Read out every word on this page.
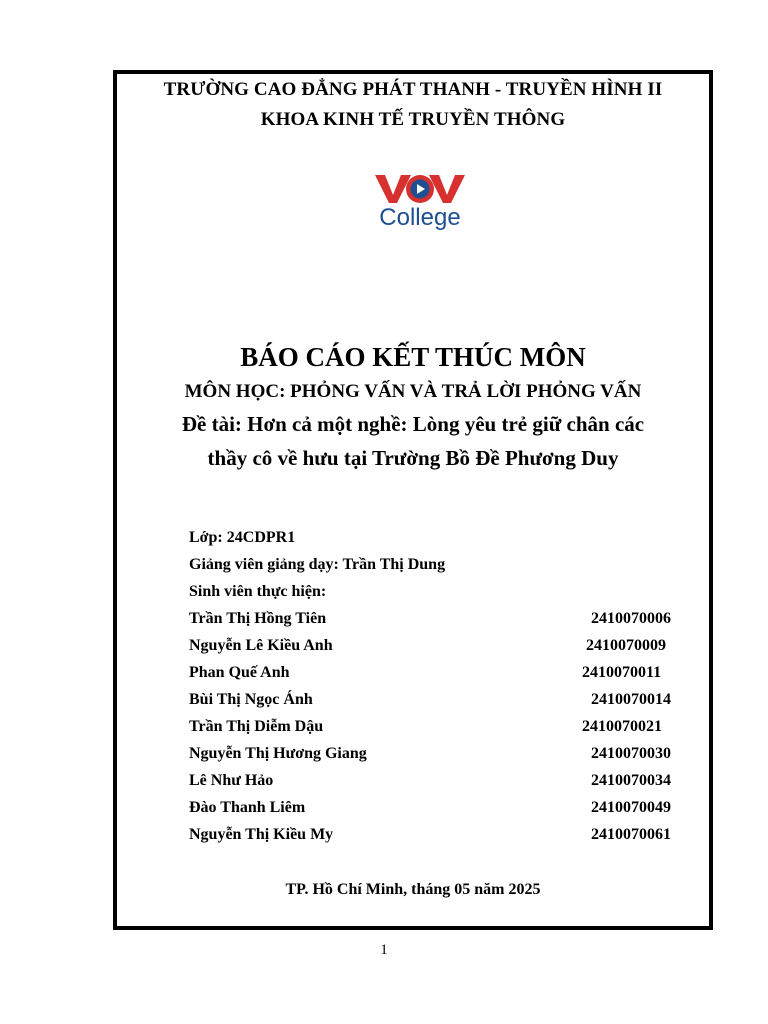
TRƯỜNG CAO ĐẲNG PHÁT THANH - TRUYỀN HÌNH II
KHOA KINH TẾ TRUYỀN THÔNG
College
BÁO CÁO KẾT THÚC MÔN
MÔN HỌC: PHỎNG VẤN VÀ TRẢ LỜI PHỎNG VẤN
Đề tài: Hơn cả một nghề: Lòng yêu trẻ giữ chân các
thầy cô về hưu tại Trường Bồ Đề Phương Duy
Lớp: 24CDPR1
Giảng viên giảng dạy: Trần Thị Dung
Sinh viên thực hiện:
Trần Thị Hồng Tiên	2410070006
Nguyễn Lê Kiều Anh	2410070009
Phan Quế Anh	2410070011
Bùi Thị Ngọc Ánh	2410070014
Trần Thị Diễm Dậu	2410070021
Nguyễn Thị Hương Giang	2410070030
Lê Như Hảo	2410070034
Đào Thanh Liêm	2410070049
Nguyễn Thị Kiều My	2410070061
TP. Hồ Chí Minh, tháng 05 năm 2025
1
